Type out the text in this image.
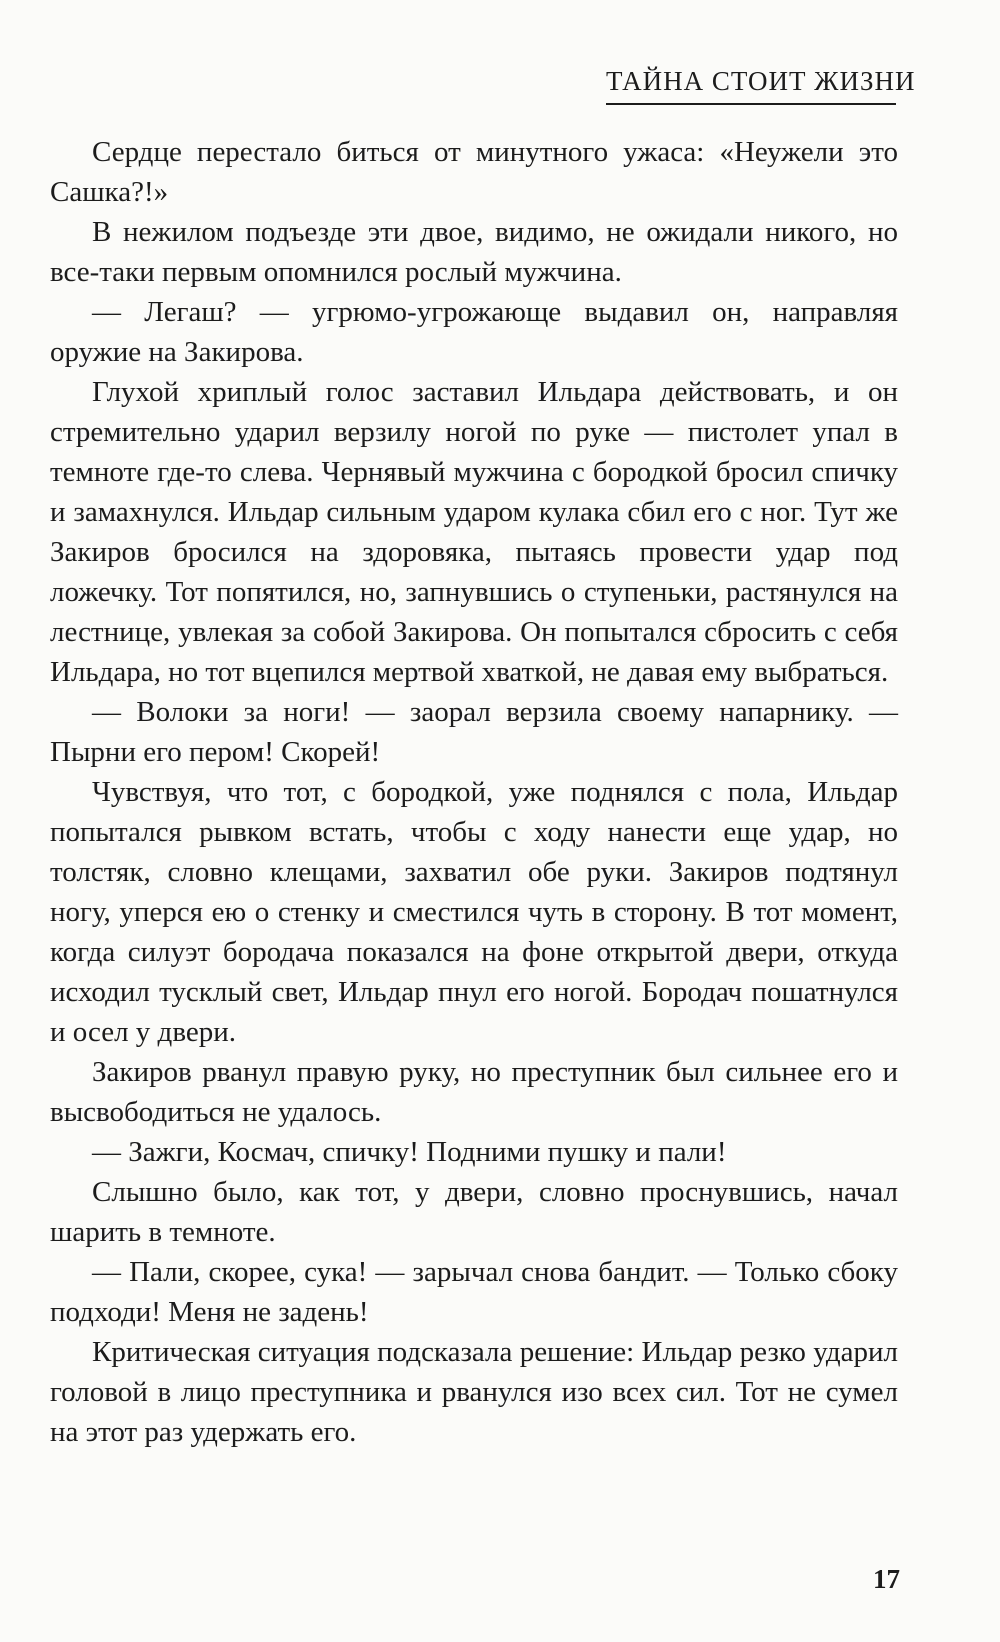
ТАЙНА СТОИТ ЖИЗНИ

Сердце перестало биться от минутного ужаса: «Неужели это Сашка?!»

В нежилом подъезде эти двое, видимо, не ожидали никого, но все-таки первым опомнился рослый мужчина.

— Легаш? — угрюмо-угрожающе выдавил он, направляя оружие на Закирова.

Глухой хриплый голос заставил Ильдара действовать, и он стремительно ударил верзилу ногой по руке — пистолет упал в темноте где-то слева. Чернявый мужчина с бородкой бросил спичку и замахнулся. Ильдар сильным ударом кулака сбил его с ног. Тут же Закиров бросился на здоровяка, пытаясь провести удар под ложечку. Тот попятился, но, запнувшись о ступеньки, растянулся на лестнице, увлекая за собой Закирова. Он попытался сбросить с себя Ильдара, но тот вцепился мертвой хваткой, не давая ему выбраться.

— Волоки за ноги! — заорал верзила своему напарнику. — Пырни его пером! Скорей!

Чувствуя, что тот, с бородкой, уже поднялся с пола, Ильдар попытался рывком встать, чтобы с ходу нанести еще удар, но толстяк, словно клещами, захватил обе руки. Закиров подтянул ногу, уперся ею о стенку и сместился чуть в сторону. В тот момент, когда силуэт бородача показался на фоне открытой двери, откуда исходил тусклый свет, Ильдар пнул его ногой. Бородач пошатнулся и осел у двери.

Закиров рванул правую руку, но преступник был сильнее его и высвободиться не удалось.

— Зажги, Космач, спичку! Подними пушку и пали!

Слышно было, как тот, у двери, словно проснувшись, начал шарить в темноте.

— Пали, скорее, сука! — зарычал снова бандит. — Только сбоку подходи! Меня не задень!

Критическая ситуация подсказала решение: Ильдар резко ударил головой в лицо преступника и рванулся изо всех сил. Тот не сумел на этот раз удержать его.

17
